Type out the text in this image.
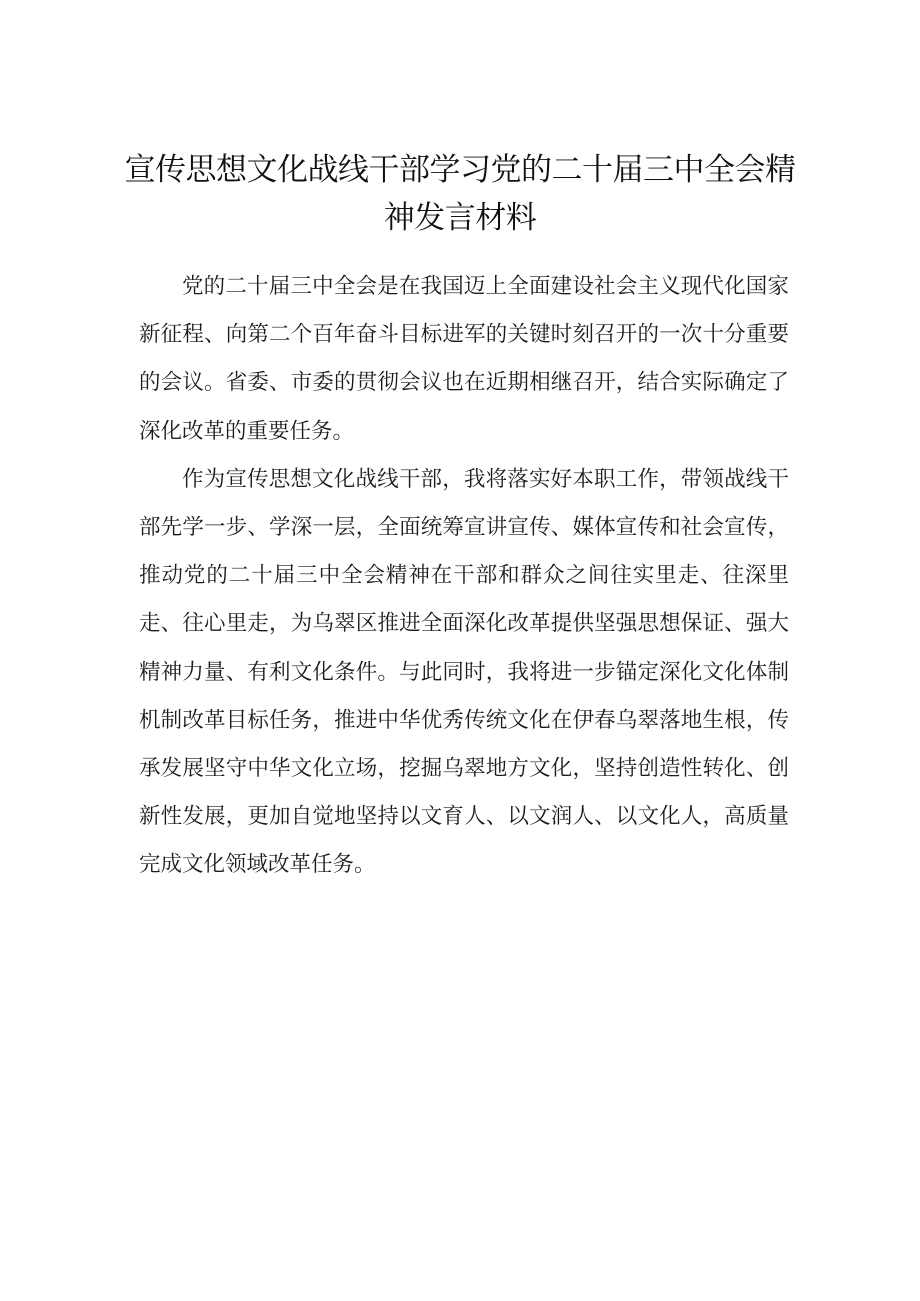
宣传思想文化战线干部学习党的二十届三中全会精神发言材料

党的二十届三中全会是在我国迈上全面建设社会主义现代化国家新征程、向第二个百年奋斗目标进军的关键时刻召开的一次十分重要的会议。省委、市委的贯彻会议也在近期相继召开，结合实际确定了深化改革的重要任务。

作为宣传思想文化战线干部，我将落实好本职工作，带领战线干部先学一步、学深一层，全面统筹宣讲宣传、媒体宣传和社会宣传，推动党的二十届三中全会精神在干部和群众之间往实里走、往深里走、往心里走，为乌翠区推进全面深化改革提供坚强思想保证、强大精神力量、有利文化条件。与此同时，我将进一步锚定深化文化体制机制改革目标任务，推进中华优秀传统文化在伊春乌翠落地生根，传承发展坚守中华文化立场，挖掘乌翠地方文化，坚持创造性转化、创新性发展，更加自觉地坚持以文育人、以文润人、以文化人，高质量完成文化领域改革任务。
